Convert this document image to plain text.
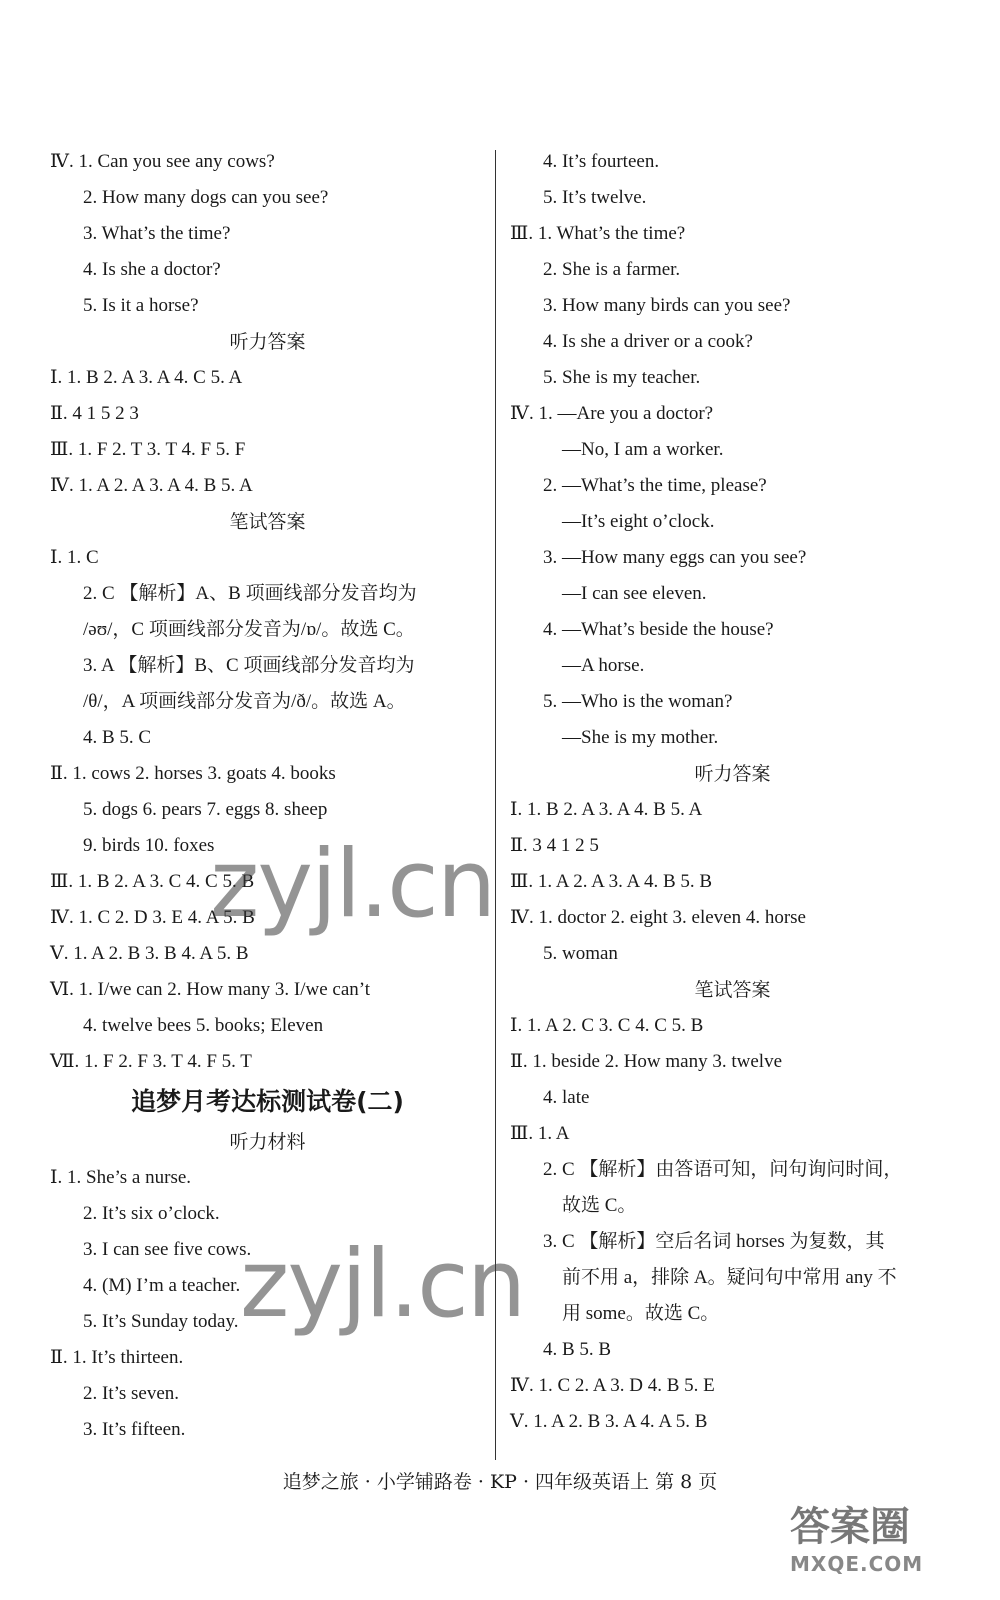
Ⅳ. 1. Can you see any cows?
2. How many dogs can you see?
3. What’s the time?
4. Is she a doctor?
5. Is it a horse?
听力答案
Ⅰ. 1. B 2. A 3. A 4. C 5. A
Ⅱ. 4 1 5 2 3
Ⅲ. 1. F 2. T 3. T 4. F 5. F
Ⅳ. 1. A 2. A 3. A 4. B 5. A
笔试答案
Ⅰ. 1. C
2. C 【解析】A、B 项画线部分发音均为
/əʊ/，C 项画线部分发音为/ɒ/。故选 C。
3. A 【解析】B、C 项画线部分发音均为
/θ/，A 项画线部分发音为/ð/。故选 A。
4. B 5. C
Ⅱ. 1. cows 2. horses 3. goats 4. books
5. dogs 6. pears 7. eggs 8. sheep
9. birds 10. foxes
Ⅲ. 1. B 2. A 3. C 4. C 5. B
Ⅳ. 1. C 2. D 3. E 4. A 5. B
Ⅴ. 1. A 2. B 3. B 4. A 5. B
Ⅵ. 1. I/we can 2. How many 3. I/we can’t
4. twelve bees 5. books; Eleven
Ⅶ. 1. F 2. F 3. T 4. F 5. T
追梦月考达标测试卷(二)
听力材料
Ⅰ. 1. She’s a nurse.
2. It’s six o’clock.
3. I can see five cows.
4. (M) I’m a teacher.
5. It’s Sunday today.
Ⅱ. 1. It’s thirteen.
2. It’s seven.
3. It’s fifteen.
4. It’s fourteen.
5. It’s twelve.
Ⅲ. 1. What’s the time?
2. She is a farmer.
3. How many birds can you see?
4. Is she a driver or a cook?
5. She is my teacher.
Ⅳ. 1. —Are you a doctor?
—No, I am a worker.
2. —What’s the time, please?
—It’s eight o’clock.
3. —How many eggs can you see?
—I can see eleven.
4. —What’s beside the house?
—A horse.
5. —Who is the woman?
—She is my mother.
听力答案
Ⅰ. 1. B 2. A 3. A 4. B 5. A
Ⅱ. 3 4 1 2 5
Ⅲ. 1. A 2. A 3. A 4. B 5. B
Ⅳ. 1. doctor 2. eight 3. eleven 4. horse
5. woman
笔试答案
Ⅰ. 1. A 2. C 3. C 4. C 5. B
Ⅱ. 1. beside 2. How many 3. twelve
4. late
Ⅲ. 1. A
2. C 【解析】由答语可知，问句询问时间，
故选 C。
3. C 【解析】空后名词 horses 为复数，其
前不用 a，排除 A。疑问句中常用 any 不
用 some。故选 C。
4. B 5. B
Ⅳ. 1. C 2. A 3. D 4. B 5. E
Ⅴ. 1. A 2. B 3. A 4. A 5. B
zyjl.cn
zyjl.cn
追梦之旅 · 小学铺路卷 · KP · 四年级英语上 第 8 页
答案圈
MXQE.COM
